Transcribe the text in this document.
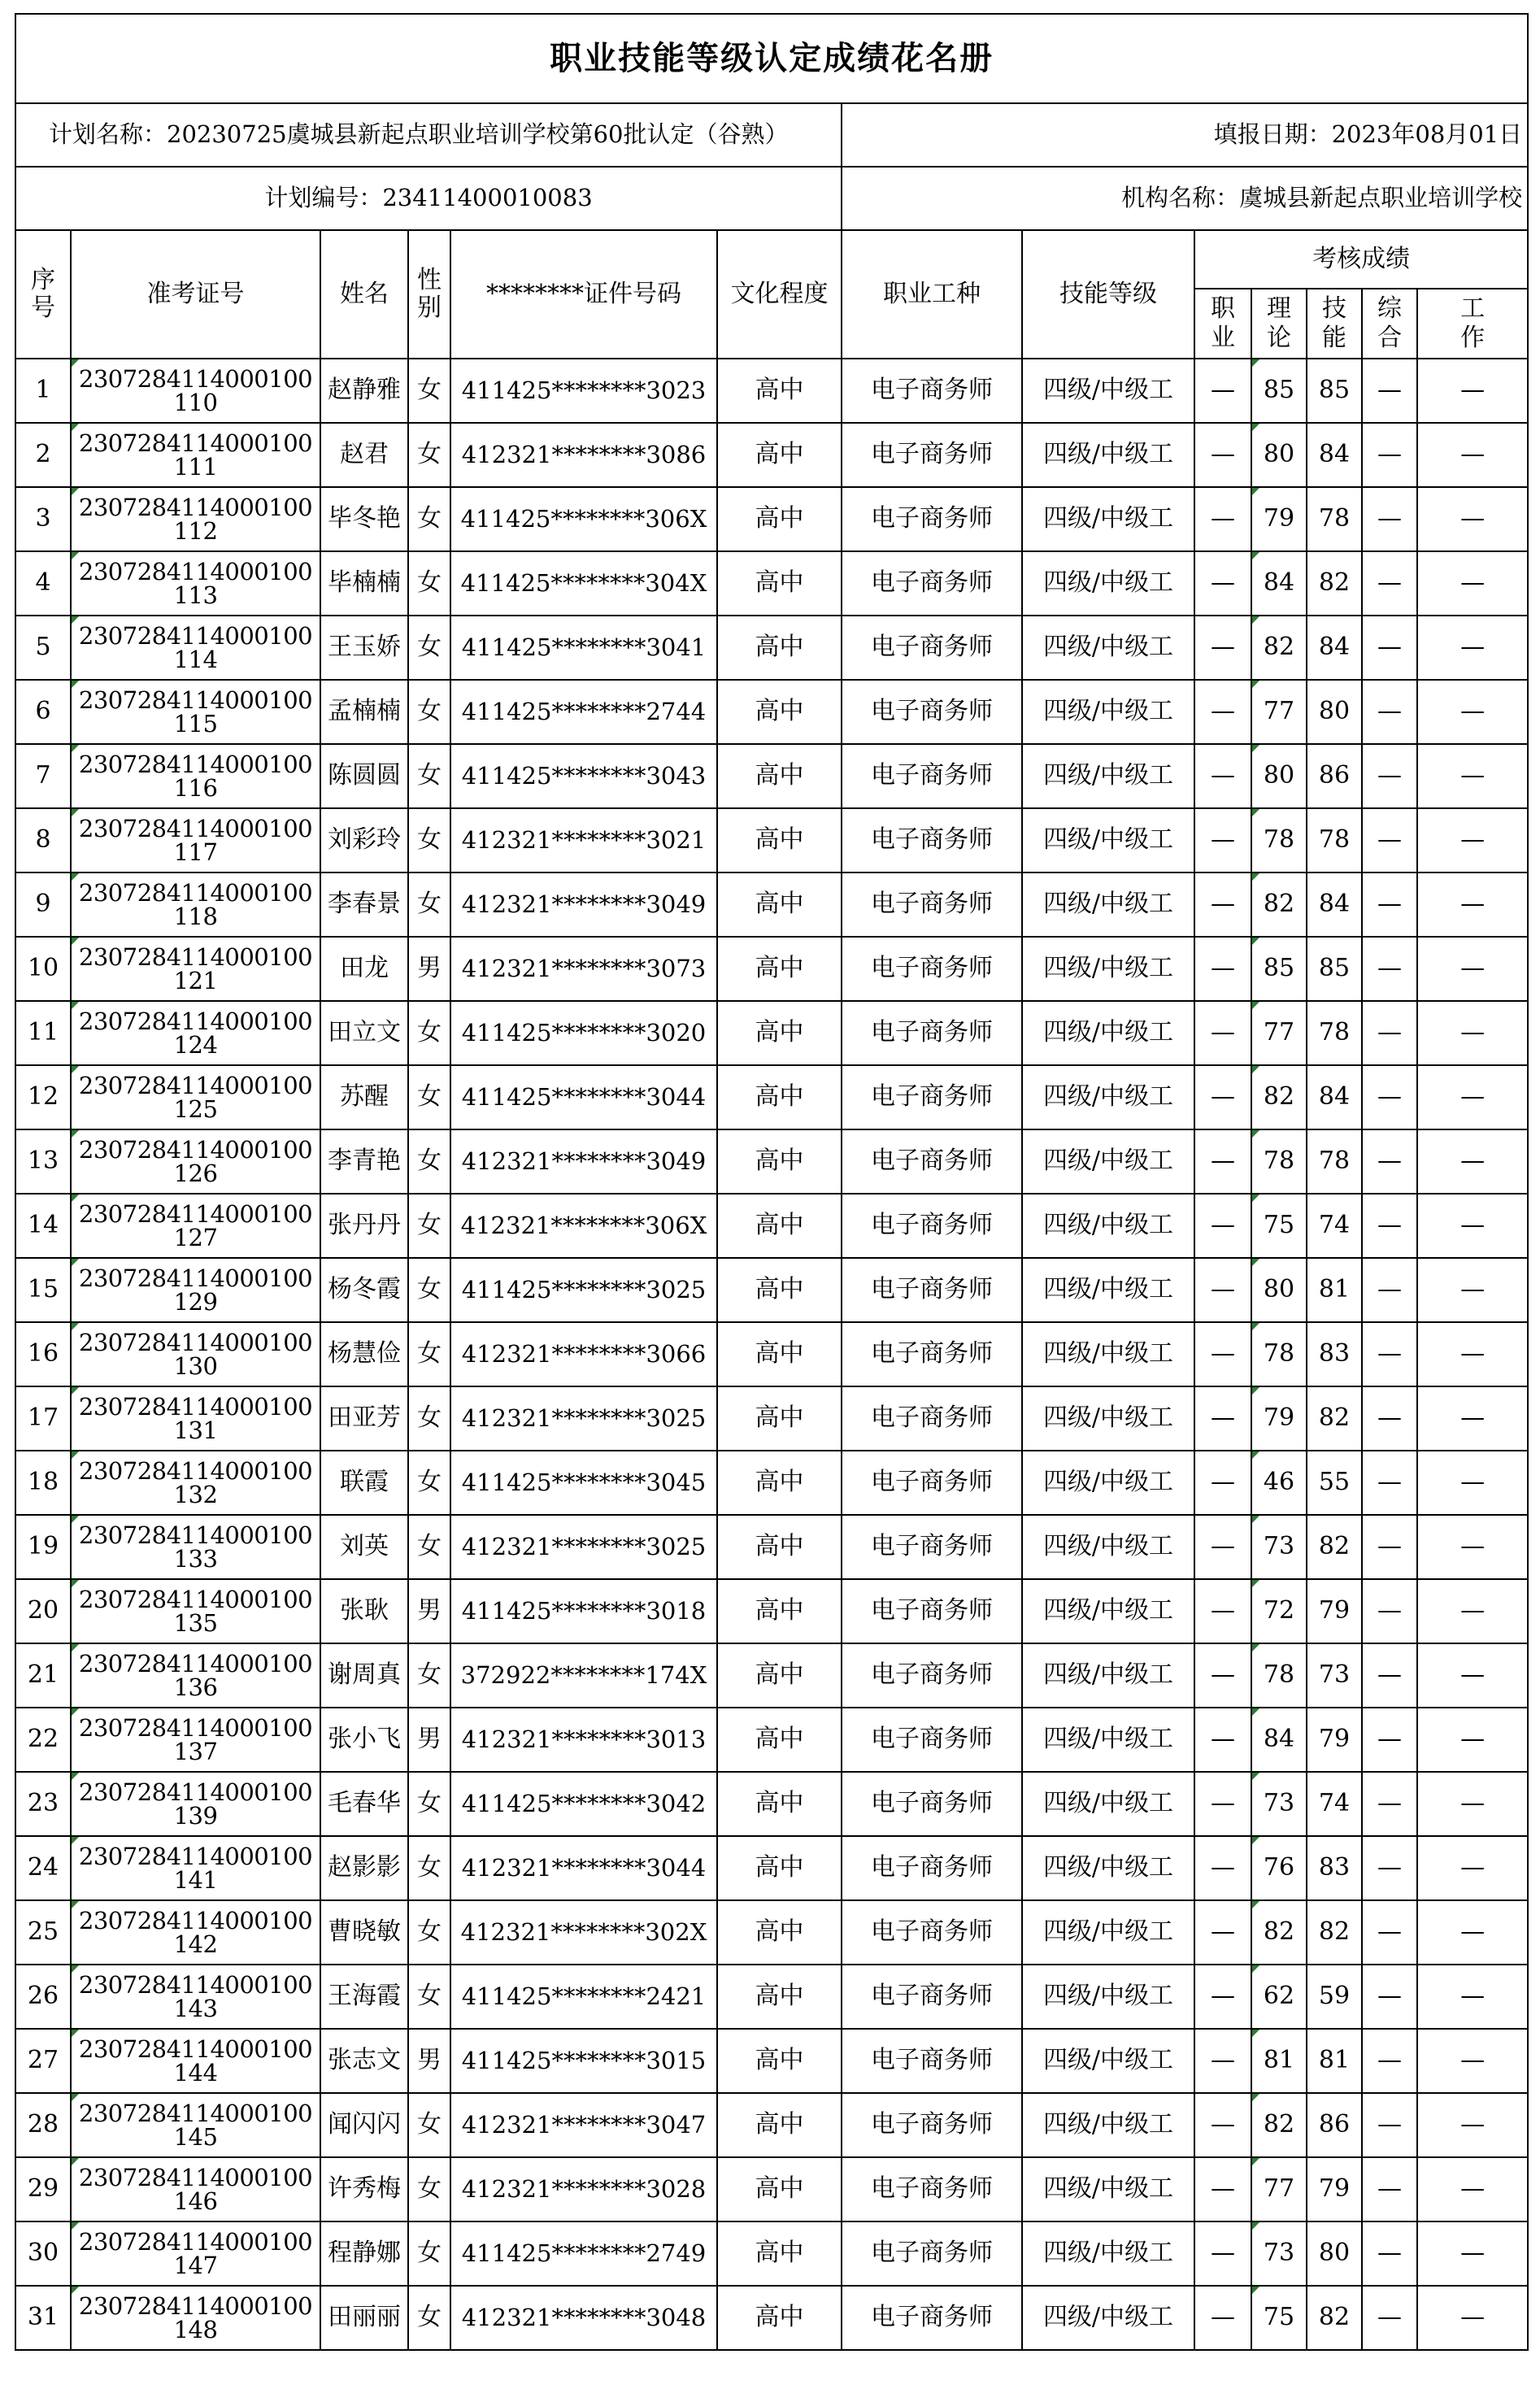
职业技能等级认定成绩花名册												
计划名称：20230725虞城县新起点职业培训学校第60批认定（谷熟）						填报日期：2023年08月01日						
计划编号：23411400010083						机构名称：虞城县新起点职业培训学校						
序号	准考证号	姓名	性别	********证件号码	文化程度	职业工种	技能等级	考核成绩				
								职业	理论	技能	综合	工作
1	2307284114000100110	赵静雅	女	411425********3023	高中	电子商务师	四级/中级工	—	85	85	—	—
2	2307284114000100111	赵君	女	412321********3086	高中	电子商务师	四级/中级工	—	80	84	—	—
3	2307284114000100112	毕冬艳	女	411425********306X	高中	电子商务师	四级/中级工	—	79	78	—	—
4	2307284114000100113	毕楠楠	女	411425********304X	高中	电子商务师	四级/中级工	—	84	82	—	—
5	2307284114000100114	王玉娇	女	411425********3041	高中	电子商务师	四级/中级工	—	82	84	—	—
6	2307284114000100115	孟楠楠	女	411425********2744	高中	电子商务师	四级/中级工	—	77	80	—	—
7	2307284114000100116	陈圆圆	女	411425********3043	高中	电子商务师	四级/中级工	—	80	86	—	—
8	2307284114000100117	刘彩玲	女	412321********3021	高中	电子商务师	四级/中级工	—	78	78	—	—
9	2307284114000100118	李春景	女	412321********3049	高中	电子商务师	四级/中级工	—	82	84	—	—
10	2307284114000100121	田龙	男	412321********3073	高中	电子商务师	四级/中级工	—	85	85	—	—
11	2307284114000100124	田立文	女	411425********3020	高中	电子商务师	四级/中级工	—	77	78	—	—
12	2307284114000100125	苏醒	女	411425********3044	高中	电子商务师	四级/中级工	—	82	84	—	—
13	2307284114000100126	李青艳	女	412321********3049	高中	电子商务师	四级/中级工	—	78	78	—	—
14	2307284114000100127	张丹丹	女	412321********306X	高中	电子商务师	四级/中级工	—	75	74	—	—
15	2307284114000100129	杨冬霞	女	411425********3025	高中	电子商务师	四级/中级工	—	80	81	—	—
16	2307284114000100130	杨慧俭	女	412321********3066	高中	电子商务师	四级/中级工	—	78	83	—	—
17	2307284114000100131	田亚芳	女	412321********3025	高中	电子商务师	四级/中级工	—	79	82	—	—
18	2307284114000100132	联霞	女	411425********3045	高中	电子商务师	四级/中级工	—	46	55	—	—
19	2307284114000100133	刘英	女	412321********3025	高中	电子商务师	四级/中级工	—	73	82	—	—
20	2307284114000100135	张耿	男	411425********3018	高中	电子商务师	四级/中级工	—	72	79	—	—
21	2307284114000100136	谢周真	女	372922********174X	高中	电子商务师	四级/中级工	—	78	73	—	—
22	2307284114000100137	张小飞	男	412321********3013	高中	电子商务师	四级/中级工	—	84	79	—	—
23	2307284114000100139	毛春华	女	411425********3042	高中	电子商务师	四级/中级工	—	73	74	—	—
24	2307284114000100141	赵影影	女	412321********3044	高中	电子商务师	四级/中级工	—	76	83	—	—
25	2307284114000100142	曹晓敏	女	412321********302X	高中	电子商务师	四级/中级工	—	82	82	—	—
26	2307284114000100143	王海霞	女	411425********2421	高中	电子商务师	四级/中级工	—	62	59	—	—
27	2307284114000100144	张志文	男	411425********3015	高中	电子商务师	四级/中级工	—	81	81	—	—
28	2307284114000100145	闻闪闪	女	412321********3047	高中	电子商务师	四级/中级工	—	82	86	—	—
29	2307284114000100146	许秀梅	女	412321********3028	高中	电子商务师	四级/中级工	—	77	79	—	—
30	2307284114000100147	程静娜	女	411425********2749	高中	电子商务师	四级/中级工	—	73	80	—	—
31	2307284114000100148	田丽丽	女	412321********3048	高中	电子商务师	四级/中级工	—	75	82	—	—
